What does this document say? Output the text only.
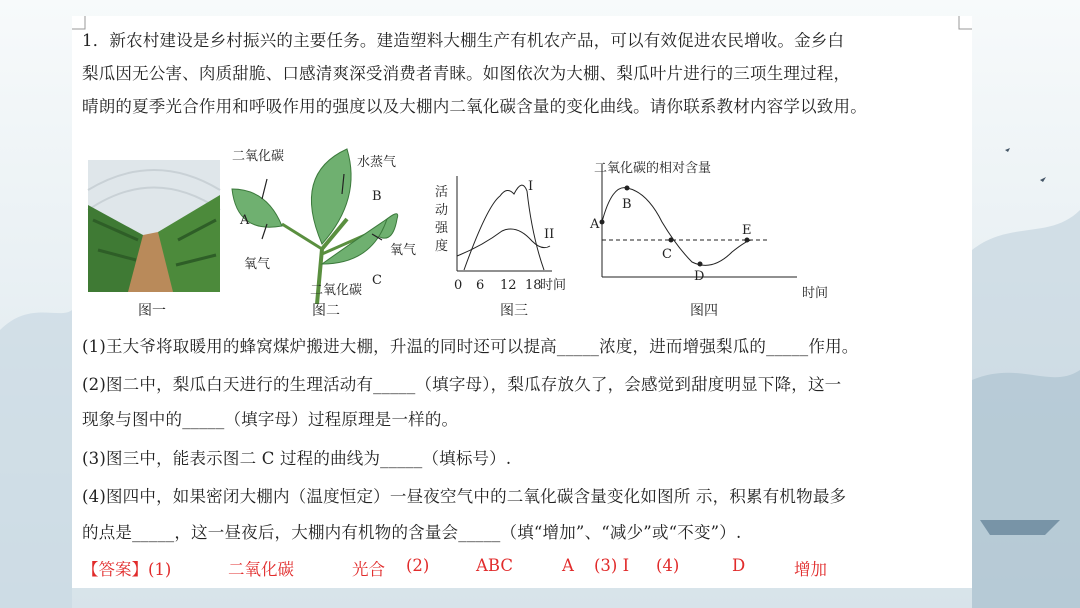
1．新农村建设是乡村振兴的主要任务。建造塑料大棚生产有机农产品，可以有效促进农民增收。金乡白
梨瓜因无公害、肉质甜脆、口感清爽深受消费者青睐。如图依次为大棚、梨瓜叶片进行的三项生理过程，
晴朗的夏季光合作用和呼吸作用的强度以及大棚内二氧化碳含量的变化曲线。请你联系教材内容学以致用。
图一
二氧化碳	水蒸气
B
A
氧气
氧气
C
二氧化碳
图二
活
动
强
度
0 6 12 18
时间
I
II
图三
二氧化碳的相对含量
时间
A
B
C
D
E
图四
(1)王大爷将取暖用的蜂窝煤炉搬进大棚，升温的同时还可以提高_____浓度，进而增强梨瓜的_____作用。
(2)图二中，梨瓜白天进行的生理活动有_____（填字母），梨瓜存放久了，会感觉到甜度明显下降，这一
现象与图中的_____（填字母）过程原理是一样的。
(3)图三中，能表示图二 C 过程的曲线为_____（填标号）.
(4)图四中，如果密闭大棚内（温度恒定）一昼夜空气中的二氧化碳含量变化如图所 示，积累有机物最多
的点是_____，这一昼夜后，大棚内有机物的含量会_____（填“增加”、“减少”或“不变”）.
【答案】(1)	二氧化碳	光合 (2)	ABC	A (3) I (4)	D	增加
